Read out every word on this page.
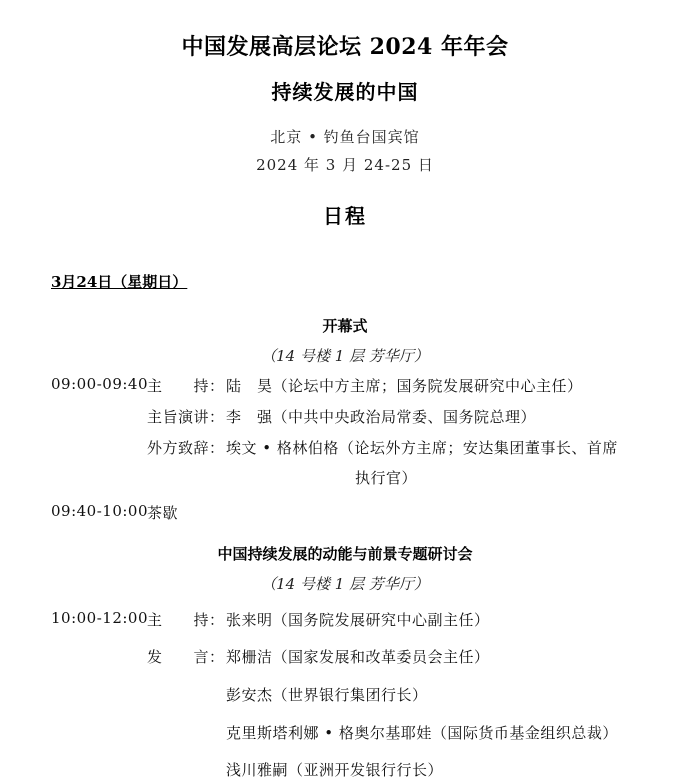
中国发展高层论坛 2024 年年会
持续发展的中国
北京 • 钓鱼台国宾馆
2024 年 3 月 24-25 日
日程
3月24日（星期日）
开幕式
（14 号楼 1 层 芳华厅）
09:00-09:40
主　　持： 陆　昊（论坛中方主席；国务院发展研究中心主任）
主旨演讲： 李　强（中共中央政治局常委、国务院总理）
外方致辞： 埃文 • 格林伯格（论坛外方主席；安达集团董事长、首席
执行官）
09:40-10:00
茶歇
中国持续发展的动能与前景专题研讨会
（14 号楼 1 层 芳华厅）
10:00-12:00
主　　持： 张来明（国务院发展研究中心副主任）
发　　言： 郑栅洁（国家发展和改革委员会主任）
彭安杰（世界银行集团行长）
克里斯塔利娜 • 格奥尔基耶娃（国际货币基金组织总裁）
浅川雅嗣（亚洲开发银行行长）
